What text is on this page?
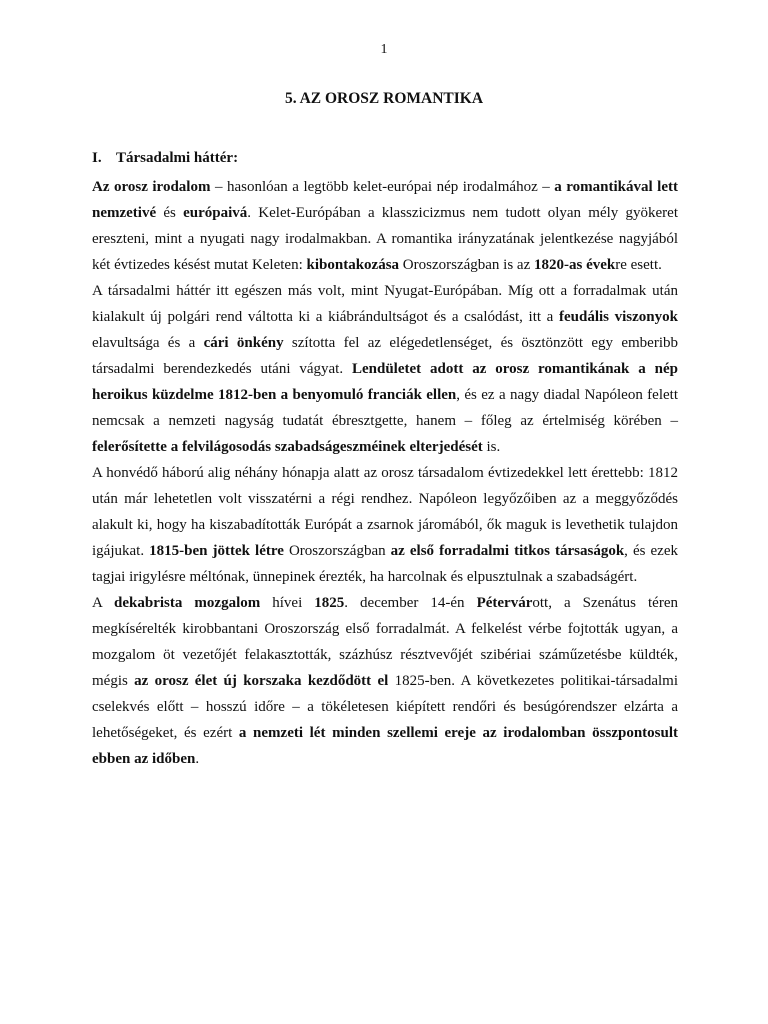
1
5. AZ OROSZ ROMANTIKA
I. Társadalmi háttér:

Az orosz irodalom – hasonlóan a legtöbb kelet-európai nép irodalmához – a romantikával lett nemzetivé és európaivá. Kelet-Európában a klasszicizmus nem tudott olyan mély gyökeret ereszteni, mint a nyugati nagy irodalmakban. A romantika irányzatának jelentkezése nagyjából két évtizedes késést mutat Keleten: kibontakozása Oroszországban is az 1820-as évekre esett.

A társadalmi háttér itt egészen más volt, mint Nyugat-Európában. Míg ott a forradalmak után kialakult új polgári rend váltotta ki a kiábrándultságot és a csalódást, itt a feudális viszonyok elavultsága és a cári önkény szította fel az elégedetlenséget, és ösztönzött egy emberibb társadalmi berendezkedés utáni vágyat. Lendületet adott az orosz romantikának a nép heroikus küzdelme 1812-ben a benyomuló franciák ellen, és ez a nagy diadal Napóleon felett nemcsak a nemzeti nagyság tudatát ébresztgette, hanem – főleg az értelmiség körében – felerősítette a felvilágosodás szabadságeszméinek elterjedését is.

A honvédő háború alig néhány hónapja alatt az orosz társadalom évtizedekkel lett érettebb: 1812 után már lehetetlen volt visszatérni a régi rendhez. Napóleon legyőzőiben az a meggyőződés alakult ki, hogy ha kiszabadították Európát a zsarnok járomából, ők maguk is levethetik tulajdon igájukat. 1815-ben jöttek létre Oroszországban az első forradalmi titkos társaságok, és ezek tagjai irigylésre méltónak, ünnepinek érezték, ha harcolnak és elpusztulnak a szabadságért.

A dekabrista mozgalom hívei 1825. december 14-én Pétervárott, a Szenátus téren megkísérelték kirobbantani Oroszország első forradalmát. A felkelést vérbe fojtották ugyan, a mozgalom öt vezetőjét felakasztották, százhúsz résztvevőjét szibériai száműzetésbe küldték, mégis az orosz élet új korszaka kezdődött el 1825-ben. A következetes politikai-társadalmi cselekvés előtt – hosszú időre – a tökéletesen kiépített rendőri és besúgórendszer elzárta a lehetőségeket, és ezért a nemzeti lét minden szellemi ereje az irodalomban összpontosult ebben az időben.
